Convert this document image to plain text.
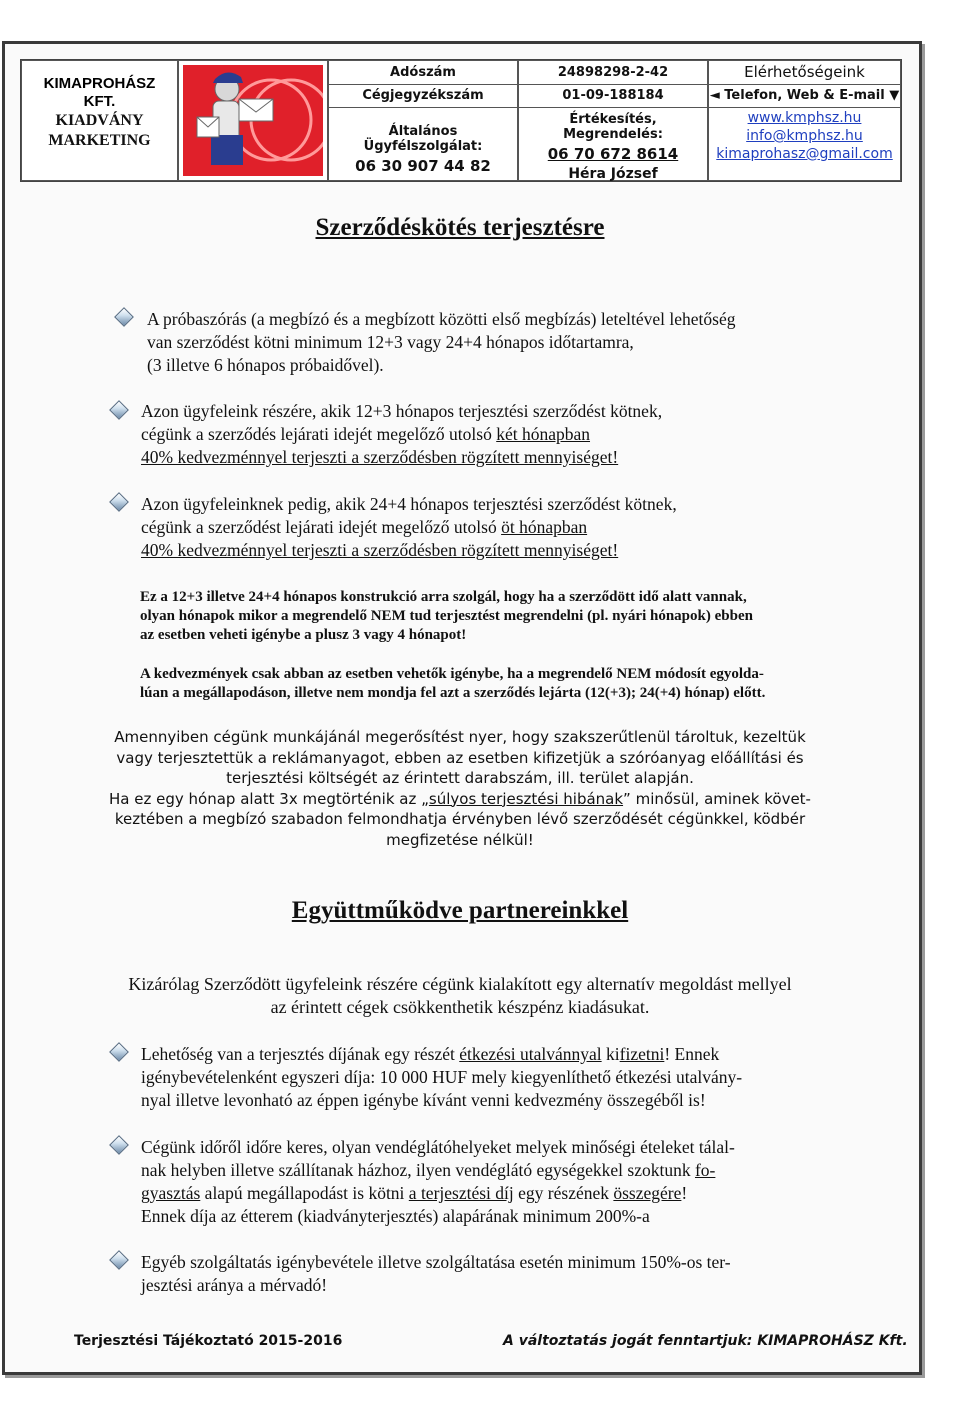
KIMAPROHÁSZ
KFT.
KIADVÁNY
MARKETING
Adószám
Cégjegyzékszám
Általános Ügyfélszolgálat:
06 30 907 44 82
24898298-2-42
01-09-188184
Értékesítés, Megrendelés:
06 70 672 8614
Héra József
Elérhetőségeink
◄ Telefon, Web & E-mail ▼
www.kmphsz.hu
info@kmphsz.hu
kimaprohasz@gmail.com
Szerződéskötés terjesztésre
A próbaszórás (a megbízó és a megbízott közötti első megbízás) leteltével lehetőség
van szerződést kötni minimum 12+3 vagy 24+4 hónapos időtartamra,
(3 illetve 6 hónapos próbaidővel).
Azon ügyfeleink részére, akik 12+3 hónapos terjesztési szerződést kötnek,
cégünk a szerződés lejárati idejét megelőző utolsó két hónapban
40% kedvezménnyel terjeszti a szerződésben rögzített mennyiséget!
Azon ügyfeleinknek pedig, akik 24+4 hónapos terjesztési szerződést kötnek,
cégünk a szerződést lejárati idejét megelőző utolsó öt hónapban
40% kedvezménnyel terjeszti a szerződésben rögzített mennyiséget!
Ez a 12+3 illetve 24+4 hónapos konstrukció arra szolgál, hogy ha a szerződött idő alatt vannak,
olyan hónapok mikor a megrendelő NEM tud terjesztést megrendelni (pl. nyári hónapok) ebben
az esetben veheti igénybe a plusz 3 vagy 4 hónapot!
A kedvezmények csak abban az esetben vehetők igénybe, ha a megrendelő NEM módosít egyolda-
lúan a megállapodáson, illetve nem mondja fel azt a szerződés lejárta (12(+3); 24(+4) hónap) előtt.
Amennyiben cégünk munkájánál megerősítést nyer, hogy szakszerűtlenül tároltuk, kezeltük
vagy terjesztettük a reklámanyagot, ebben az esetben kifizetjük a szóróanyag előállítási és
terjesztési költségét az érintett darabszám, ill. terület alapján.
Ha ez egy hónap alatt 3x megtörténik az „súlyos terjesztési hibának” minősül, aminek követ-
keztében a megbízó szabadon felmondhatja érvényben lévő szerződését cégünkkel, ködbér
megfizetése nélkül!
Együttműködve partnereinkkel
Kizárólag Szerződött ügyfeleink részére cégünk kialakított egy alternatív megoldást mellyel
az érintett cégek csökkenthetik készpénz kiadásukat.
Lehetőség van a terjesztés díjának egy részét étkezési utalvánnyal kifizetni! Ennek
igénybevételenként egyszeri díja: 10 000 HUF mely kiegyenlíthető étkezési utalvány-
nyal illetve levonható az éppen igénybe kívánt venni kedvezmény összegéből is!
Cégünk időről időre keres, olyan vendéglátóhelyeket melyek minőségi ételeket tálal-
nak helyben illetve szállítanak házhoz, ilyen vendéglátó egységekkel szoktunk fo-
gyasztás alapú megállapodást is kötni a terjesztési díj egy részének összegére!
Ennek díja az étterem (kiadványterjesztés) alapárának minimum 200%-a
Egyéb szolgáltatás igénybevétele illetve szolgáltatása esetén minimum 150%-os ter-
jesztési aránya a mérvadó!
Terjesztési Tájékoztató 2015-2016	A változtatás jogát fenntartjuk: KIMAPROHÁSZ Kft.
